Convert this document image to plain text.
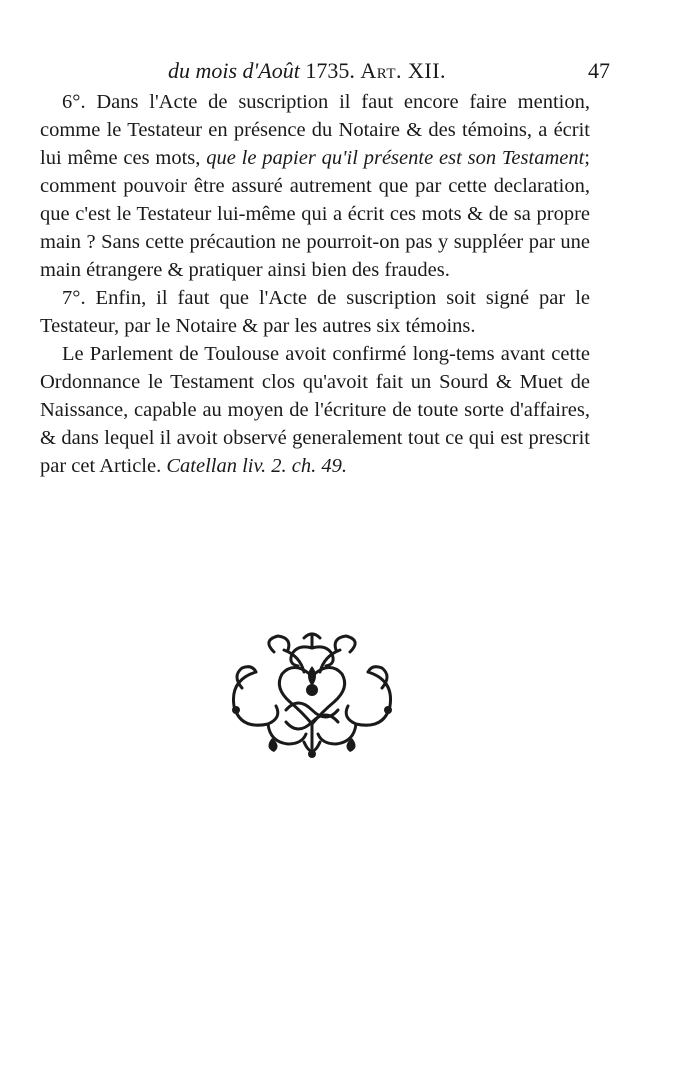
du mois d'Août 1735. Art. XII.	47

6°. Dans l'Acte de suscription il faut encore faire mention, comme le Testateur en présence du Notaire & des témoins, a écrit lui même ces mots, que le papier qu'il présente est son Testament; comment pouvoir être assuré autrement que par cette declaration, que c'est le Testateur lui-même qui a écrit ces mots & de sa propre main ? Sans cette précaution ne pourroit-on pas y suppléer par une main étrangere & pratiquer ainsi bien des fraudes.

7°. Enfin, il faut que l'Acte de suscription soit signé par le Testateur, par le Notaire & par les autres six témoins.

Le Parlement de Toulouse avoit confirmé long-tems avant cette Ordonnance le Testament clos qu'avoit fait un Sourd & Muet de Naissance, capable au moyen de l'écriture de toute sorte d'affaires, & dans lequel il avoit observé generalement tout ce qui est prescrit par cet Article. Catellan liv. 2. ch. 49.
